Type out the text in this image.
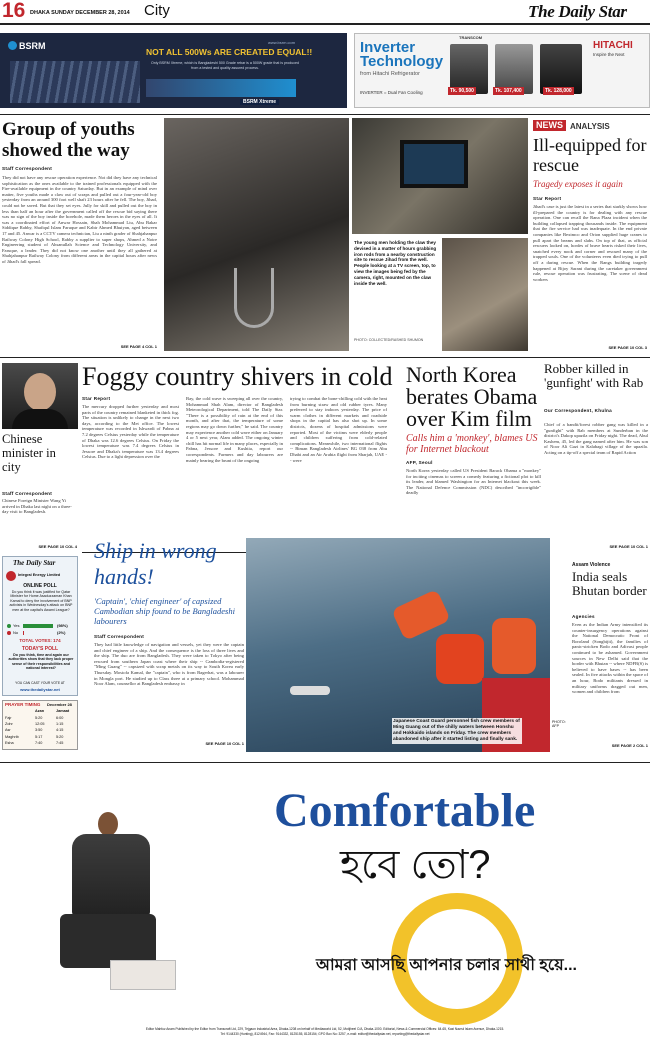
16 DHAKA SUNDAY DECEMBER 28, 2014 City	The Daily Star
BSRM	www.bsrm.com
NOT ALL 500Ws ARE CREATED EQUAL!!
Only BSRM Xtreme, which is Bangladeshi 500 Grade rebar is a 500W grade that is produced from a tested and quality assured process.
BSRM Xtreme
TRANSCOM
Inverter
Technology
from Hitachi Refrigerator
Tk. 90,500	Tk. 107,400	Tk. 128,000
HITACHI
Inspire the Next
INVERTER = Dual Fan Cooling
Group of youths showed the way
Staff Correspondent
They did not have any rescue operation experience. Not did they have any technical sophistication as the ones available to the trained professionals equipped with the Fire-available equipment in the country Saturday. But in an example of mind over matter, five youths made a claw out of scraps and pulled out a four-year-old boy yesterday from an around 300 foot well shaft 23 hours after he fell. The boy, Jihad, could not be saved. But that they set eyes. Jully for skill and pulled out the boy in less than half an hour after the government called off the rescue bid saying there was no sign of the boy inside the borehole, made them heroes in the eyes of all. It was a coordinated effort of Anwar Hossain, Shah Mohammad Liu, Abu Bakar Siddique Rabby, Shafiqul Islam Faruque and Kabir Ahmed Bhuiyan, aged between 17 and 45. Anwar is a CCTV camera technician, Liu a ninth grader of Shahjahanpur Railway Colony High School, Rabby a supplier to super shops, Ahmed a Notre Engineering student of Ahsanullah Science and Technology University, and Faruque, a leader. They did not know one another until they all gathered at Shahjahanpur Railway Colony from different areas in the capital hours after news of Jihad's fall spread.
SEE PAGE 4 COL 1
The young men holding the claw they devised in a matter of hours grabbing iron rods from a nearby construction site to rescue Jihad from the well. People looking at a TV screen, top, to view the images being fed by the camera, right, mounted on the claw inside the well.
PHOTO: COLLECTED/RASHED SHUMON
NEWS ANALYSIS
Ill-equipped for rescue
Tragedy exposes it again
Star Report
Jihad's case is just the latest in a series that starkly shows how ill-prepared the country is for dealing with any rescue operation. One can recall the Rana Plaza incident when the building collapsed trapping thousands inside. The equipment that the fire service had was inadequate. In the end private companies like Beximco and Orion supplied huge cranes to pull apart the beams and slabs. On top of that, as official rescuers looked on, hordes of brave hearts risked their lives, snatched every nook and corner and rescued many of the trapped souls. One of the volunteers even died trying to pull off a daring rescue. When the Rangs building tragedy happened at Bijoy Sarani during the caretaker government rule, rescue operation was frustrating. The scene of dead workers
SEE PAGE 10 COL 3
Chinese minister in city
Staff Correspondent
Chinese Foreign Minister Wang Yi arrived in Dhaka last night on a three-day visit to Bangladesh.
SEE PAGE 10 COL 4
Foggy country shivers in cold
Star Report
The mercury dropped further yesterday and most parts of the country remained blanketed in thick fog. The situation is unlikely to change in the next two days, according to the Met office. The lowest temperature was recorded in Ishwardi of Pabna at 7.2 degrees Celsius yesterday while the temperature of Dhaka was 12.6 degrees Celsius. On Friday the lowest temperature was 7.4 degrees Celsius in Jessore and Dhaka's temperature was 13.4 degrees Celsius. Due to a light depression over the
Bay, the cold wave is sweeping all over the country, Mohammad Shah Alam, director of Bangladesh Meteorological Department, told The Daily Star. "There is a possibility of rain at the end of this month, and after that, the temperature of some regions may go down further," he said. The country may experience another cold wave either on January 4 or 5 next year, Alam added. The ongoing winter chill has hit normal life in many places, especially in Pabna, Jessore and Kushtia, report our correspondents. Farmers and day labourers are mainly bearing the brunt of the ongoing
trying to combat the bone-chilling cold with the heat from burning straw and old rubber tyres. Many preferred to stay indoors yesterday. The price of warm clothes in different markets and roadside shops in the capital has also shot up. In some districts, dozens of hospital admissions were reported. Most of the victims were elderly people and children suffering from cold-related complications. Meanwhile, two international flights -- Biman Bangladesh Airlines' BG 038 from Abu Dhabi and an Air Arabia flight from Sharjah, UAE -- were
North Korea berates Obama over Kim film
Calls him a 'monkey', blames US for Internet blackout
AFP, Seoul
North Korea yesterday called US President Barack Obama a "monkey" for inciting cinemas to screen a comedy featuring a fictional plot to kill its leader, and blamed Washington for an Internet blackout this week. The National Defence Commission (NDC) described "incorrigible" deadly
Robber killed in 'gunfight' with Rab
Our Correspondent, Khulna
Chief of a bandit/forest robber gang was killed in a "gunfight" with Rab members at Sunderban in the district's Dakop upazila on Friday night. The dead, Abul Kashem, 45, led the gang named after him. He was son of Noor Ali Gazi in Kalabagi village of the upazila. Acting on a tip-off a special team of Rapid Action
SEE PAGE 10 COL 1
The Daily Star
Integral Energy Limited
ONLINE POLL
Do you think it was justified for Qatar Minister for Home Asaduzzaman Khan Kamal to deny the involvement of BNP activists in Wednesday's attack on BNP men at the capital's Awami League?
Yes	(98%)
No	(2%)
TOTAL VOTES: 174
TODAY'S POLL
Do you think, time and again our authorities show that they lack proper sense of their responsibilities and national interest?
YOU CAN CAST YOUR VOTE AT
www.thedailystar.net
PRAYER TIMING December 28
Azan	Jamaat
Fajr	5:20	6:00
Zohr	12:05	1:15
Asr	3:50	4:15
Maghrib	5:17	5:20
Esha	7:40	7:45
Ship in wrong hands!
'Captain', 'chief engineer' of capsized Cambodian ship found to be Bangladeshi labourers
Staff Correspondent
They had little knowledge of navigation and vessels, yet they were the captain and chief engineer of a ship. And the consequence is the loss of three lives and the ship. The duo are from Bangladesh. They were taken to Tokyo after being rescued from southern Japan coast where their ship -- Cambodia-registered "Ming Guang" -- capsized with scrap metals on its way to South Korea early Thursday. Mostofa Kamal, the "captain", who is from Bagerhat, was a labourer in Mongla port. He studied up to Class three at a primary school. Mohammad Noor Alam, counsellor at Bangladesh embassy in
SEE PAGE 10 COL 1
Japanese Coast Guard personnel fish crew members of Ming Guang out of the chilly waters between Honshu and Hokkaido islands on Friday. The crew members abandoned ship after it started listing and finally sank.
PHOTO: AFP
Assam Violence
India seals Bhutan border
Agencies
Even as the Indian Army intensified its counter-insurgency operations against the National Democratic Front of Boroland (Songbijit), the families of panic-stricken Bodo and Adivasi people continued to be ashamed. Government sources in New Delhi said that the border with Bhutan -- where NDFB(S) is believed to have bases -- has been sealed. In five attacks within the space of an hour, Bodo militants dressed in military uniforms dragged out men, women and children from
SEE PAGE 2 COL 1
Comfortable
হবে তো?
আমরা আসছি আপনার চলার সাথী হয়ে...
Editor Mahfuz Anam Published by the Editor from Transcraft Ltd, 229, Tejgaon Industrial Area, Dhaka-1208 on behalf of Mediaworld Ltd, 52, Motijheel C/A, Dhaka-1000. Editorial, News & Commercial Offices: 64-65, Kazi Nazrul Islam Avenue, Dhaka-1215.
Tel: 9144330 (Hunting), 8124944, Fax: 9144332, 8125155, 8128154; GPO Box No: 3257, e-mail: editor@thedailystar.net, reporting@thedailystar.net
